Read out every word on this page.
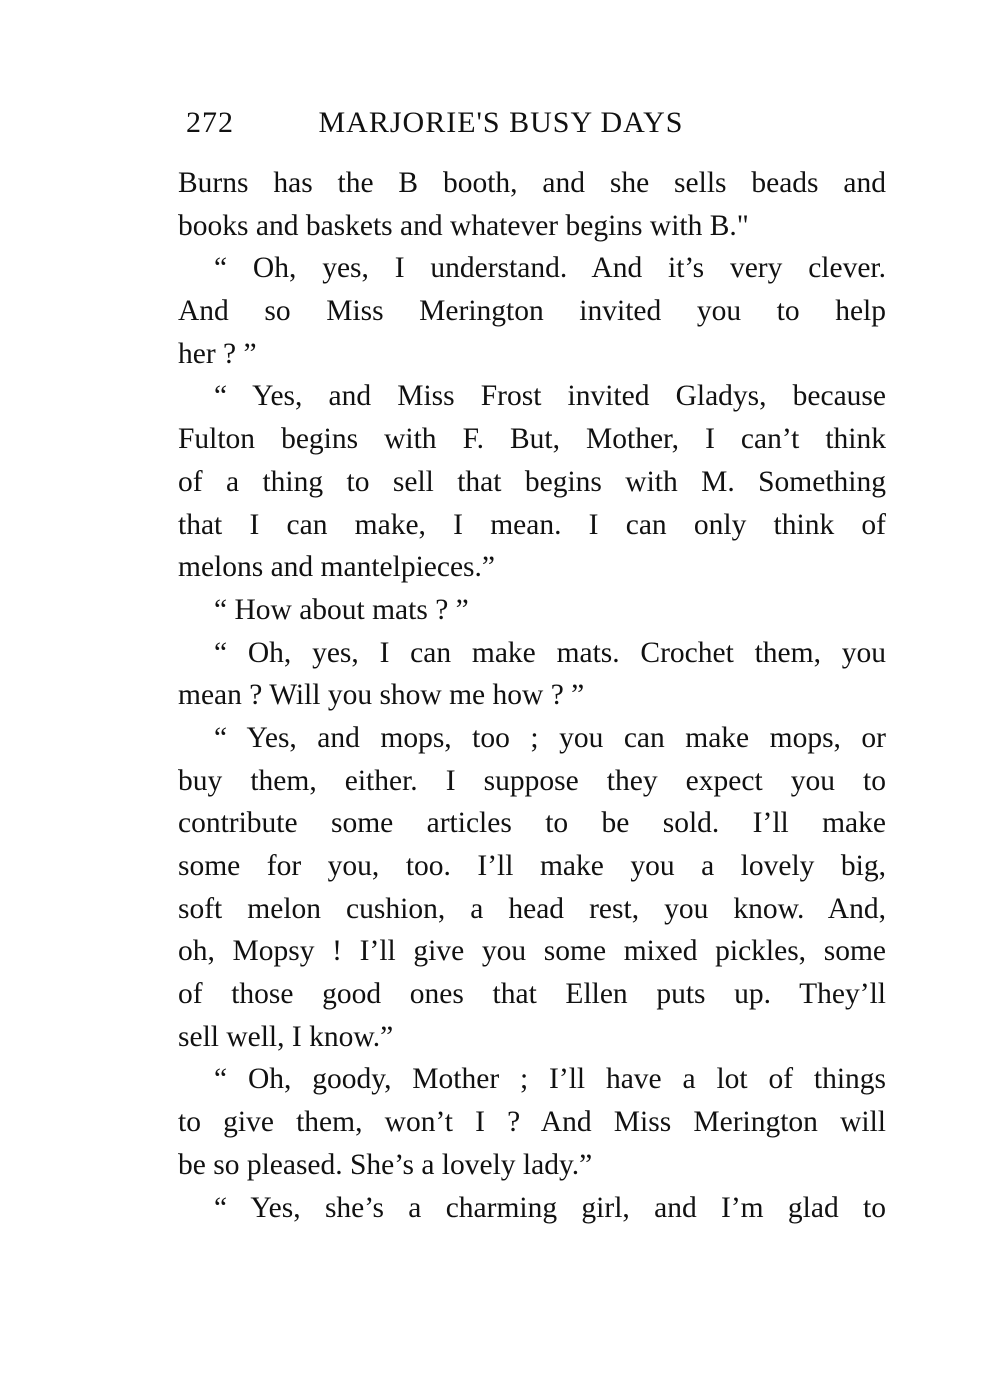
272	MARJORIE'S BUSY DAYS
Burns has the B booth, and she sells beads and
books and baskets and whatever begins with B."
“ Oh, yes, I understand. And it’s very clever.
And so Miss Merington invited you to help
her ? ”
“ Yes, and Miss Frost invited Gladys, because
Fulton begins with F. But, Mother, I can’t think
of a thing to sell that begins with M. Something
that I can make, I mean. I can only think of
melons and mantelpieces.”
“ How about mats ? ”
“ Oh, yes, I can make mats. Crochet them, you
mean ? Will you show me how ? ”
“ Yes, and mops, too ; you can make mops, or
buy them, either. I suppose they expect you to
contribute some articles to be sold. I’ll make
some for you, too. I’ll make you a lovely big,
soft melon cushion, a head rest, you know. And,
oh, Mopsy ! I’ll give you some mixed pickles, some
of those good ones that Ellen puts up. They’ll
sell well, I know.”
“ Oh, goody, Mother ; I’ll have a lot of things
to give them, won’t I ? And Miss Merington will
be so pleased. She’s a lovely lady.”
“ Yes, she’s a charming girl, and I’m glad to
